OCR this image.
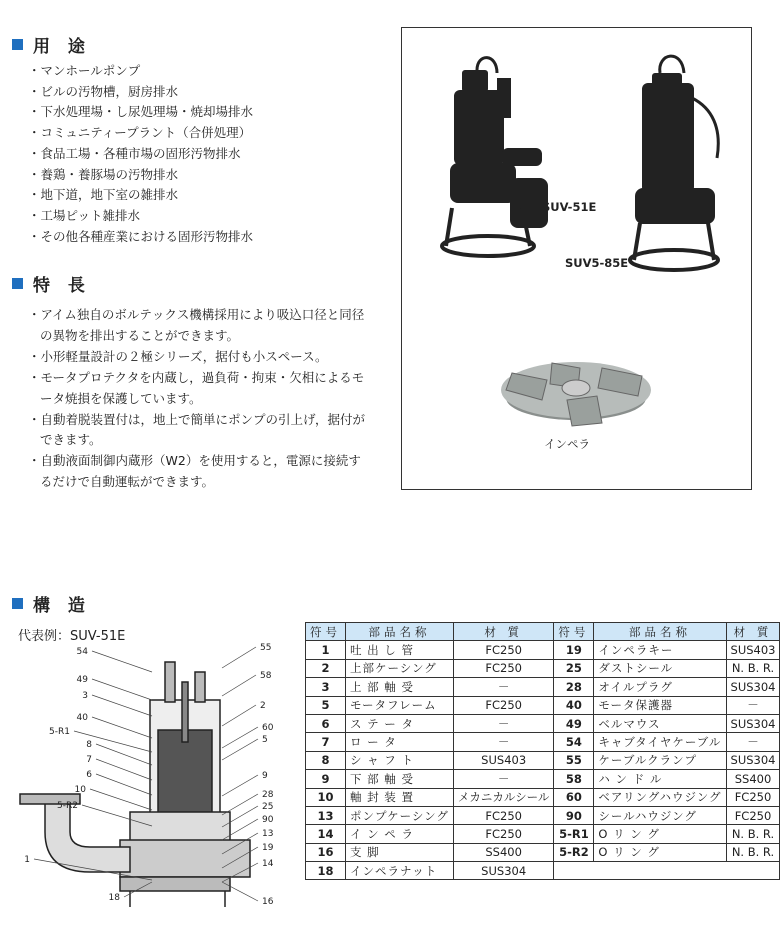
用 途
・ マンホールポンプ
・ ビルの汚物槽，厨房排水
・ 下水処理場・し尿処理場・焼却場排水
・ コミュニティープラント（合併処理）
・ 食品工場・各種市場の固形汚物排水
・ 養鶏・養豚場の汚物排水
・ 地下道，地下室の雑排水
・ 工場ピット雑排水
・ その他各種産業における固形汚物排水
特 長

・アイム独自のボルテックス機構採用により吸込口径と同径の異物を排出することができます。

・小形軽量設計の２極シリーズ，据付も小スペース。

・モータプロテクタを内蔵し，過負荷・拘束・欠相によるモータ焼損を保護しています。

・自動着脱装置付は，地上で簡単にポンプの引上げ，据付ができます。

・自動液面制御内蔵形（W2）を使用すると，電源に接続するだけで自動運転ができます。

SUV-51E
SUV5-85E
インペラ
構 造
代表例：SUV-51E
54
49
3
40
5-R1
8
7
6
10
5-R2
1
18
55
58
2
60
5
9
28
25
90
13
19
14
16
符号	部品名称	材 質	符号	部品名称	材 質
1	吐 出 し 管	FC250	19	インペラキー	SUS403
2	上部ケーシング	FC250	25	ダストシール	N. B. R.
3	上 部 軸 受	－	28	オイルプラグ	SUS304
5	モータフレーム	FC250	40	モータ保護器	－
6	ス テ ー タ	－	49	ベルマウス	SUS304
7	ロ ー タ	－	54	キャブタイヤケーブル	－
8	シ ャ フ ト	SUS403	55	ケーブルクランプ	SUS304
9	下 部 軸 受	－	58	ハ ン ド ル	SS400
10	軸 封 装 置	メカニカルシール	60	ベアリングハウジング	FC250
13	ポンプケーシング	FC250	90	シールハウジング	FC250
14	イ ン ペ ラ	FC250	5-R1	O リ ン グ	N. B. R.
16	支 脚	SS400	5-R2	O リ ン グ	N. B. R.
18	インペラナット	SUS304			
